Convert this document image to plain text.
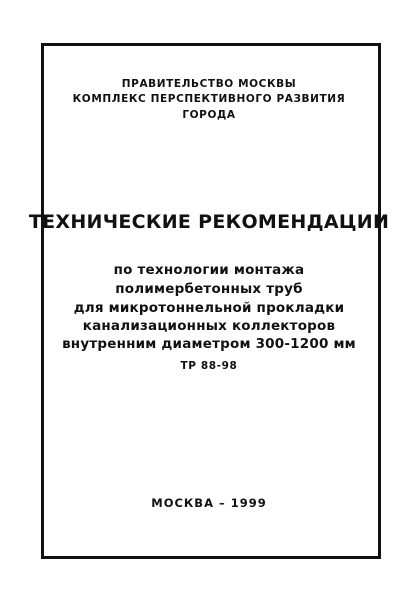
ПРАВИТЕЛЬСТВО МОСКВЫ
КОМПЛЕКС ПЕРСПЕКТИВНОГО РАЗВИТИЯ
ГОРОДА
ТЕХНИЧЕСКИЕ РЕКОМЕНДАЦИИ
по технологии монтажа
полимербетонных труб
для микротоннельной прокладки
канализационных коллекторов
внутренним диаметром 300-1200 мм
ТР 88-98
МОСКВА – 1999
